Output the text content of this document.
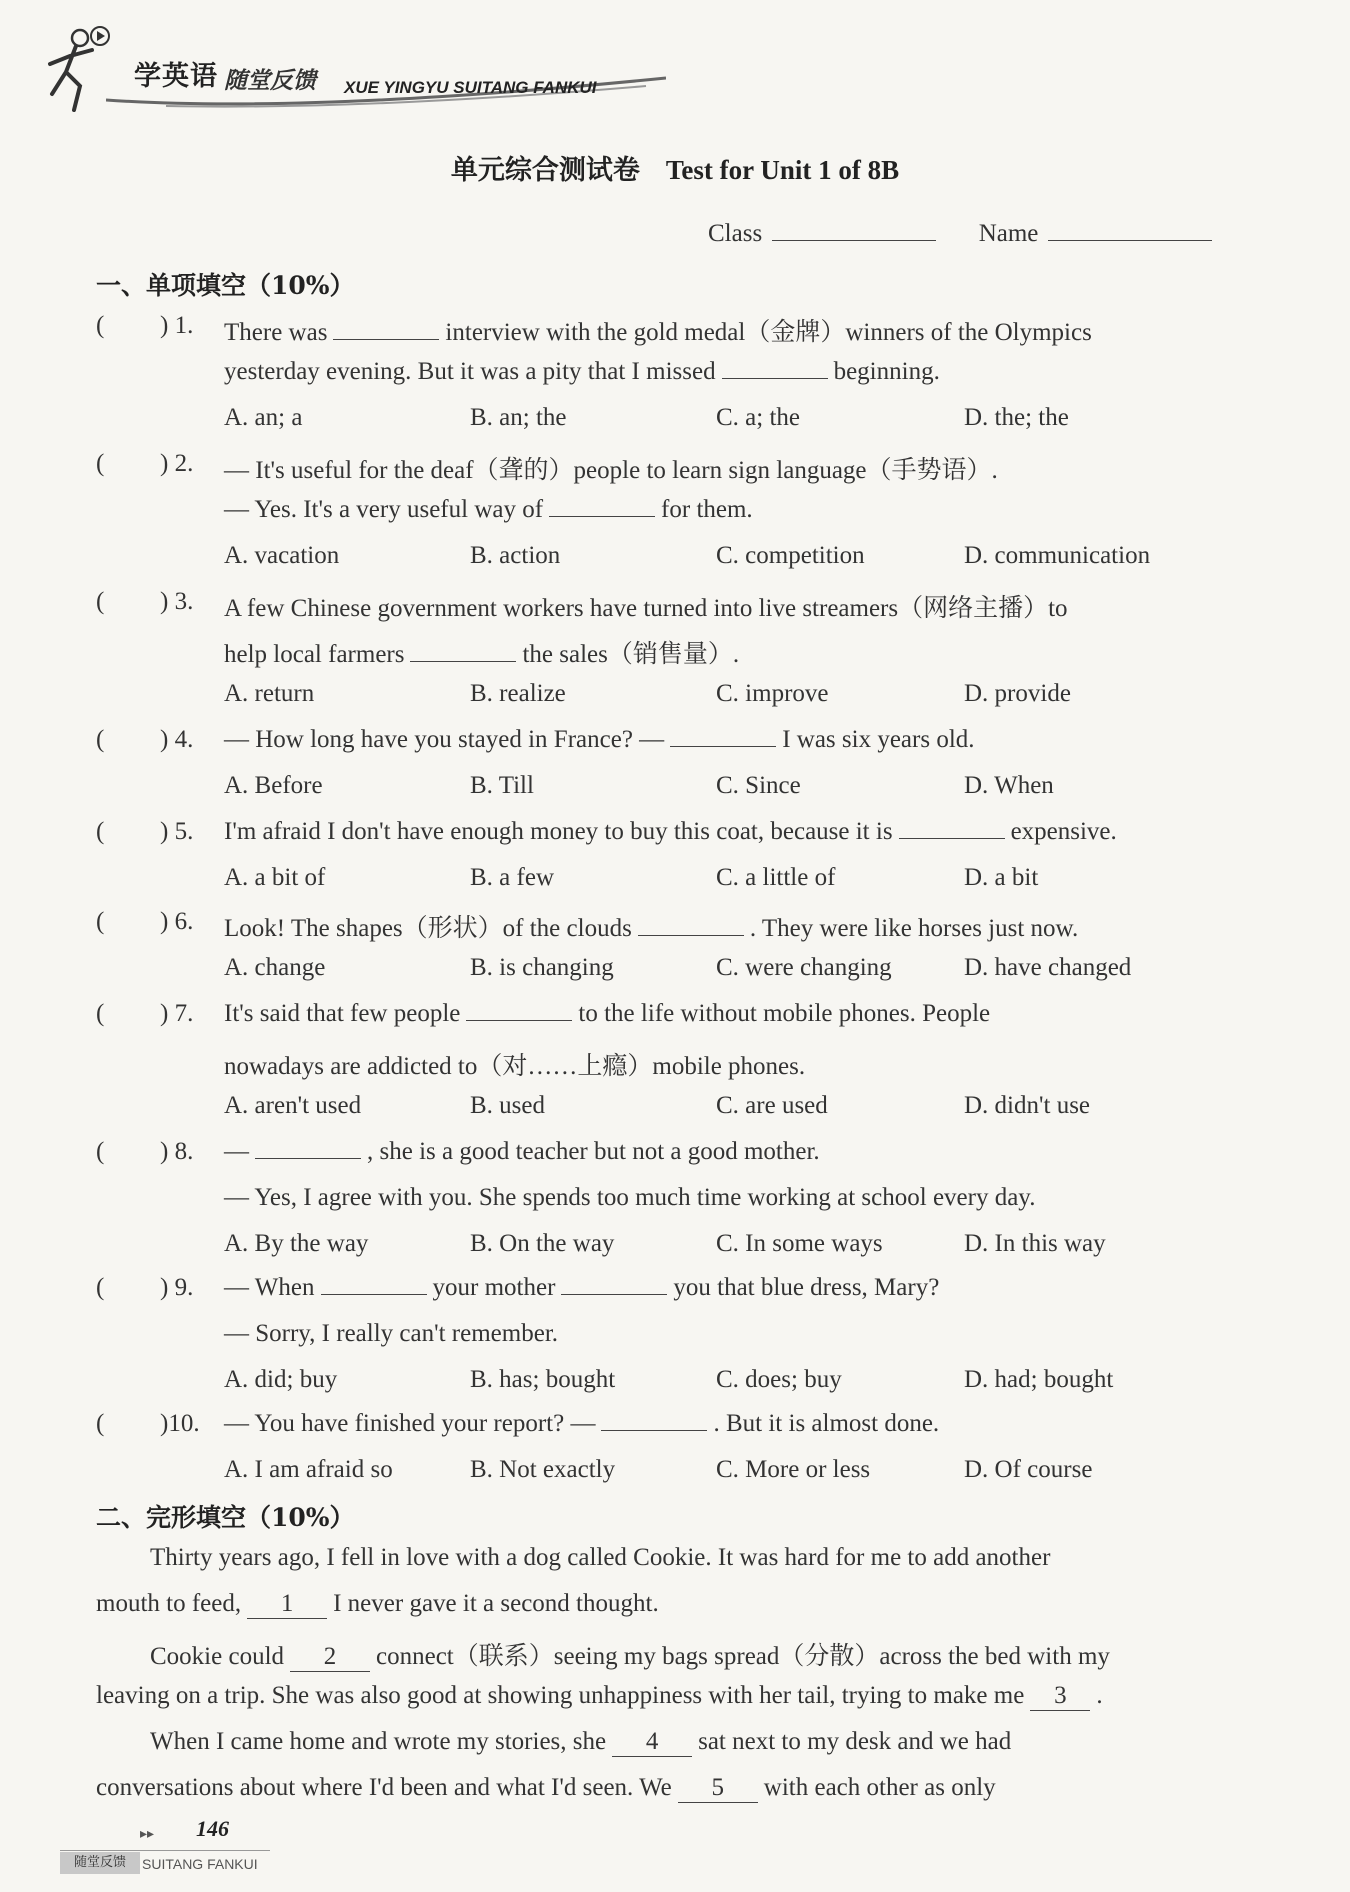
学英语 随堂反馈 XUE YINGYU SUITANG FANKUI
单元综合测试卷 Test for Unit 1 of 8B
Class	Name
一、单项填空（10%）
( ) 1. There was	interview with the gold medal（金牌）winners of the Olympics
yesterday evening. But it was a pity that I missed	beginning.
A. an; a	B. an; the	C. a; the	D. the; the
( ) 2. — It's useful for the deaf（聋的）people to learn sign language（手势语）.
— Yes. It's a very useful way of	for them.
A. vacation	B. action	C. competition	D. communication
( ) 3. A few Chinese government workers have turned into live streamers（网络主播）to
help local farmers	the sales（销售量）.
A. return	B. realize	C. improve	D. provide
( ) 4. — How long have you stayed in France? —	I was six years old.
A. Before	B. Till	C. Since	D. When
( ) 5. I'm afraid I don't have enough money to buy this coat, because it is	expensive.
A. a bit of	B. a few	C. a little of	D. a bit
( ) 6. Look! The shapes（形状）of the clouds	. They were like horses just now.
A. change	B. is changing	C. were changing	D. have changed
( ) 7. It's said that few people	to the life without mobile phones. People
nowadays are addicted to（对……上瘾）mobile phones.
A. aren't used	B. used	C. are used	D. didn't use
( ) 8. —	, she is a good teacher but not a good mother.
— Yes, I agree with you. She spends too much time working at school every day.
A. By the way	B. On the way	C. In some ways	D. In this way
( ) 9. — When	your mother	you that blue dress, Mary?
— Sorry, I really can't remember.
A. did; buy	B. has; bought	C. does; buy	D. had; bought
( )10. — You have finished your report? —	. But it is almost done.
A. I am afraid so	B. Not exactly	C. More or less	D. Of course
二、完形填空（10%）
Thirty years ago, I fell in love with a dog called Cookie. It was hard for me to add another
mouth to feed, 1 I never gave it a second thought.
Cookie could 2 connect（联系）seeing my bags spread（分散）across the bed with my
leaving on a trip. She was also good at showing unhappiness with her tail, trying to make me 3 .
When I came home and wrote my stories, she 4 sat next to my desk and we had
conversations about where I'd been and what I'd seen. We 5 with each other as only
▸▸ 146
随堂反馈	SUITANG FANKUI
